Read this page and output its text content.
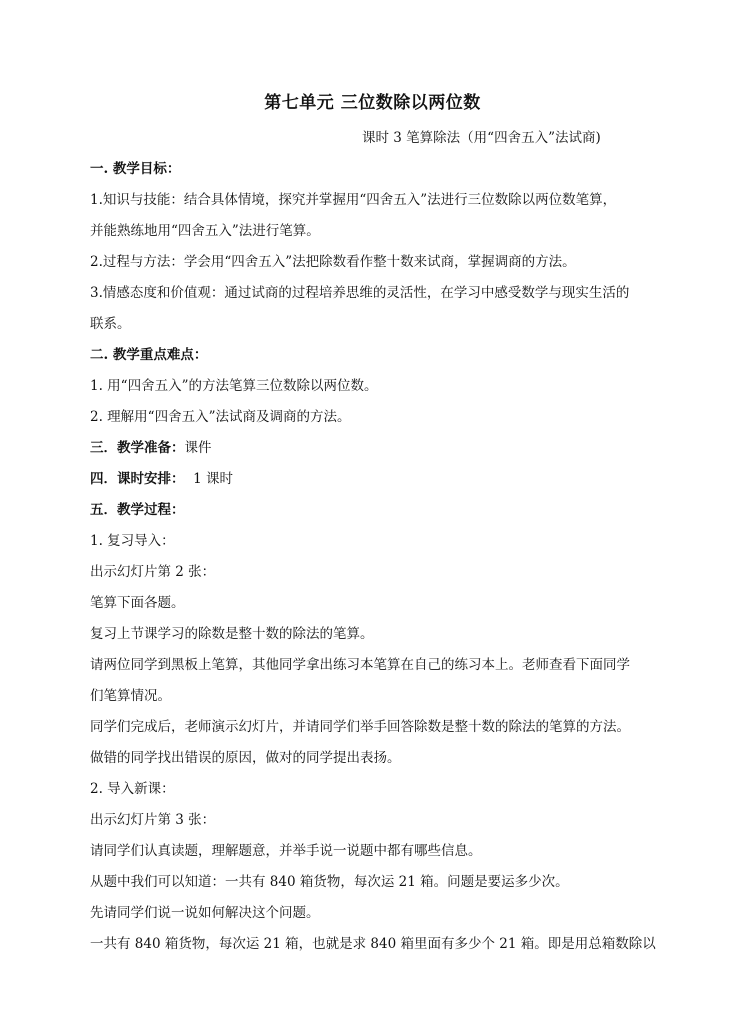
第七单元 三位数除以两位数
课时 3 笔算除法（用“四舍五入”法试商)
一. 教学目标：
1.知识与技能：结合具体情境，探究并掌握用“四舍五入”法进行三位数除以两位数笔算，
并能熟练地用“四舍五入”法进行笔算。
2.过程与方法：学会用“四舍五入”法把除数看作整十数来试商，掌握调商的方法。
3.情感态度和价值观：通过试商的过程培养思维的灵活性，在学习中感受数学与现实生活的
联系。
二. 教学重点难点：
1. 用“四舍五入”的方法笔算三位数除以两位数。
2. 理解用“四舍五入”法试商及调商的方法。
三．教学准备：课件
四．课时安排：  1 课时
五．教学过程：
1. 复习导入：
出示幻灯片第 2 张：
笔算下面各题。
复习上节课学习的除数是整十数的除法的笔算。
请两位同学到黑板上笔算，其他同学拿出练习本笔算在自己的练习本上。老师查看下面同学
们笔算情况。
同学们完成后，老师演示幻灯片，并请同学们举手回答除数是整十数的除法的笔算的方法。
做错的同学找出错误的原因，做对的同学提出表扬。
2. 导入新课：
出示幻灯片第 3 张：
请同学们认真读题，理解题意，并举手说一说题中都有哪些信息。
从题中我们可以知道：一共有 840 箱货物，每次运 21 箱。问题是要运多少次。
先请同学们说一说如何解决这个问题。
一共有 840 箱货物，每次运 21 箱，也就是求 840 箱里面有多少个 21 箱。即是用总箱数除以
